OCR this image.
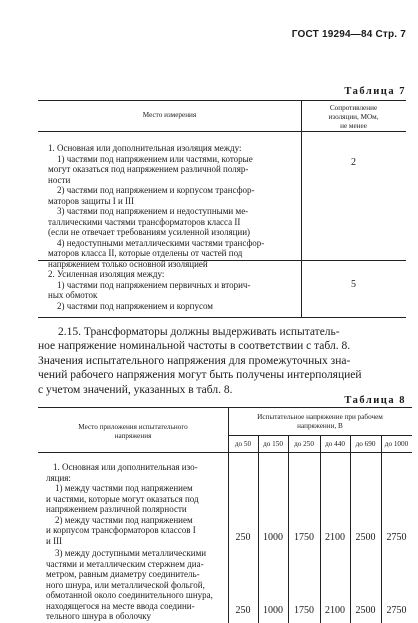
ГОСТ 19294—84 Стр. 7
Таблица 7
Место измерения
Сопротивление
изоляции, МОм,
не менее
1. Основная или дополнительная изоляция между:
1) частями под напряжением или частями, которые
могут оказаться под напряжением различной поляр-
ности
2) частями под напряжением и корпусом трансфор-
маторов защиты I и III
3) частями под напряжением и недоступными ме-
таллическими частями трансформаторов класса II
(если не отвечает требованиям усиленной изоляции)
4) недоступными металлическими частями трансфор-
маторов класса II, которые отделены от частей под
напряжением только основной изоляцией
2
2. Усиленная изоляция между:
1) частями под напряжением первичных и вторич-
ных обмоток
2) частями под напряжением и корпусом
5
2.15. Трансформаторы должны выдерживать испытатель-
ное напряжение номинальной частоты в соответствии с табл. 8.
Значения испытательного напряжения для промежуточных зна-
чений рабочего напряжения могут быть получены интерполяцией
с учетом значений, указанных в табл. 8.
Таблица 8
Место приложения испытательного
напряжения
Испытательное напряжение при рабочем
напряжении, В
до 50	до 150	до 250	до 440	до 690	до 1000
1. Основная или дополнительная изо-
ляция:
1) между частями под напряжением
и частями, которые могут оказаться под
напряжением различной полярности
2) между частями под напряжением
и корпусом трансформаторов классов I
и III	250	1000	1750	2100	2500	2750
3) между доступными металлическими
частями и металлическим стержнем диа-
метром, равным диаметру соединитель-
ного шнура, или металлической фольгой,
обмотанной около соединительного шнура,
находящегося на месте ввода соедини-
тельного шнура в оболочку	250	1000	1750	2100	2500	2750
